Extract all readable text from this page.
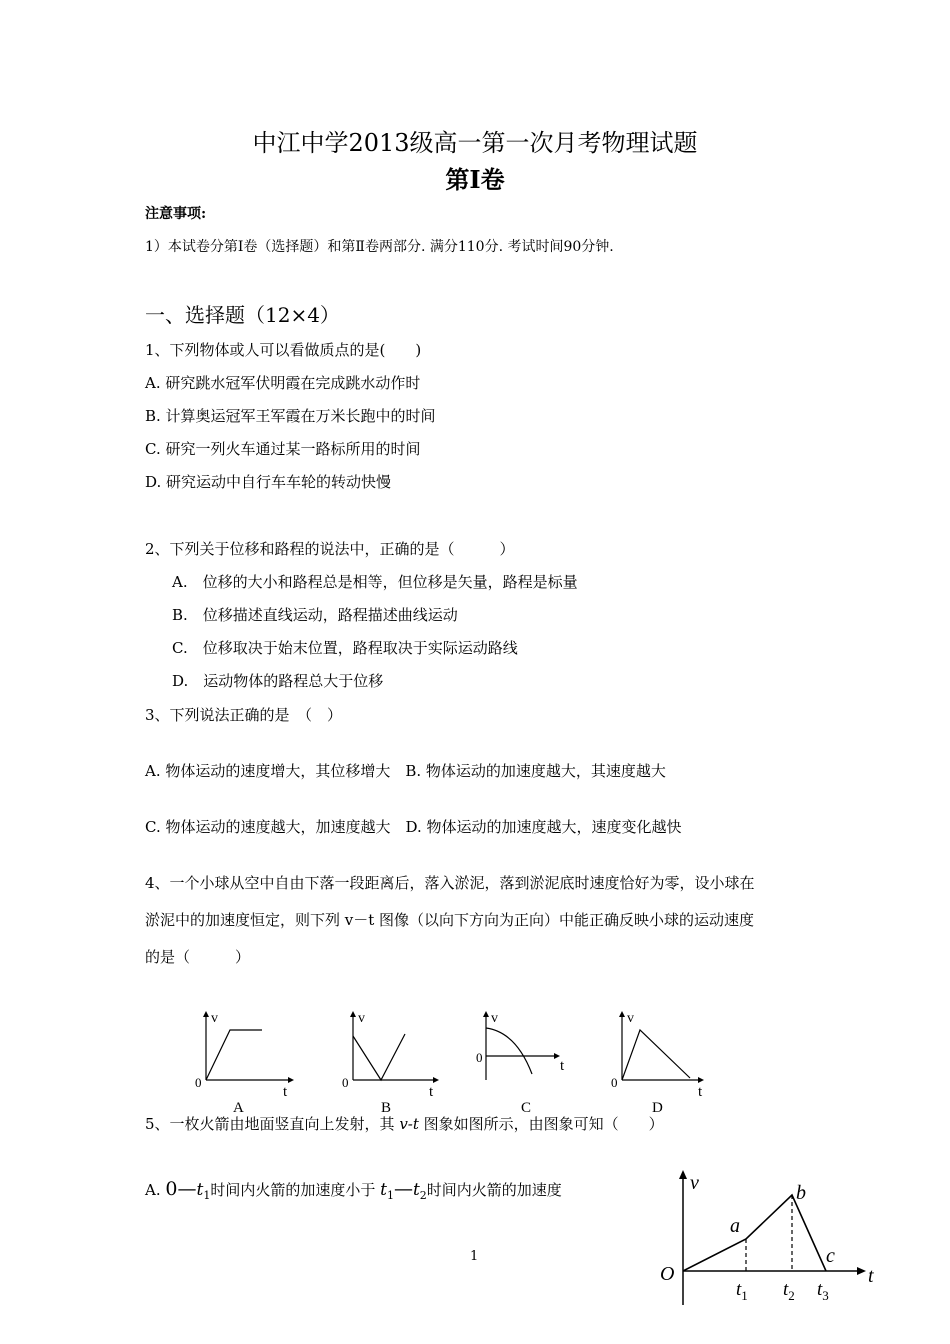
中江中学2013级高一第一次月考物理试题
第Ⅰ卷
注意事项:
1）本试卷分第Ⅰ卷（选择题）和第Ⅱ卷两部分. 满分110分. 考试时间90分钟.
一、选择题（12×4）
1、下列物体或人可以看做质点的是(　　)
A. 研究跳水冠军伏明霞在完成跳水动作时
B. 计算奥运冠军王军霞在万米长跑中的时间
C. 研究一列火车通过某一路标所用的时间
D. 研究运动中自行车车轮的转动快慢
2、下列关于位移和路程的说法中，正确的是（　　　）
A.　位移的大小和路程总是相等，但位移是矢量，路程是标量
B.　位移描述直线运动，路程描述曲线运动
C.　位移取决于始末位置，路程取决于实际运动路线
D.　运动物体的路程总大于位移
3、下列说法正确的是　（　）
A. 物体运动的速度增大，其位移增大　B. 物体运动的加速度越大，其速度越大
C. 物体运动的速度越大，加速度越大　D. 物体运动的加速度越大，速度变化越快
4、一个小球从空中自由下落一段距离后，落入淤泥，落到淤泥底时速度恰好为零，设小球在
淤泥中的加速度恒定，则下列 v－t 图像（以向下方向为正向）中能正确反映小球的运动速度
的是（　　　）
v
t
0
A
v
t
0
B
v
t
0
C
v
t
0
D
5、一枚火箭由地面竖直向上发射，其 v-t 图象如图所示，由图象可知（　　）
A. $0—t_1$时间内火箭的加速度小于 $t_1—t_2$时间内火箭的加速度	v
t
O
a
b
c
$t_1$ $t_2$ $t_3$
1
